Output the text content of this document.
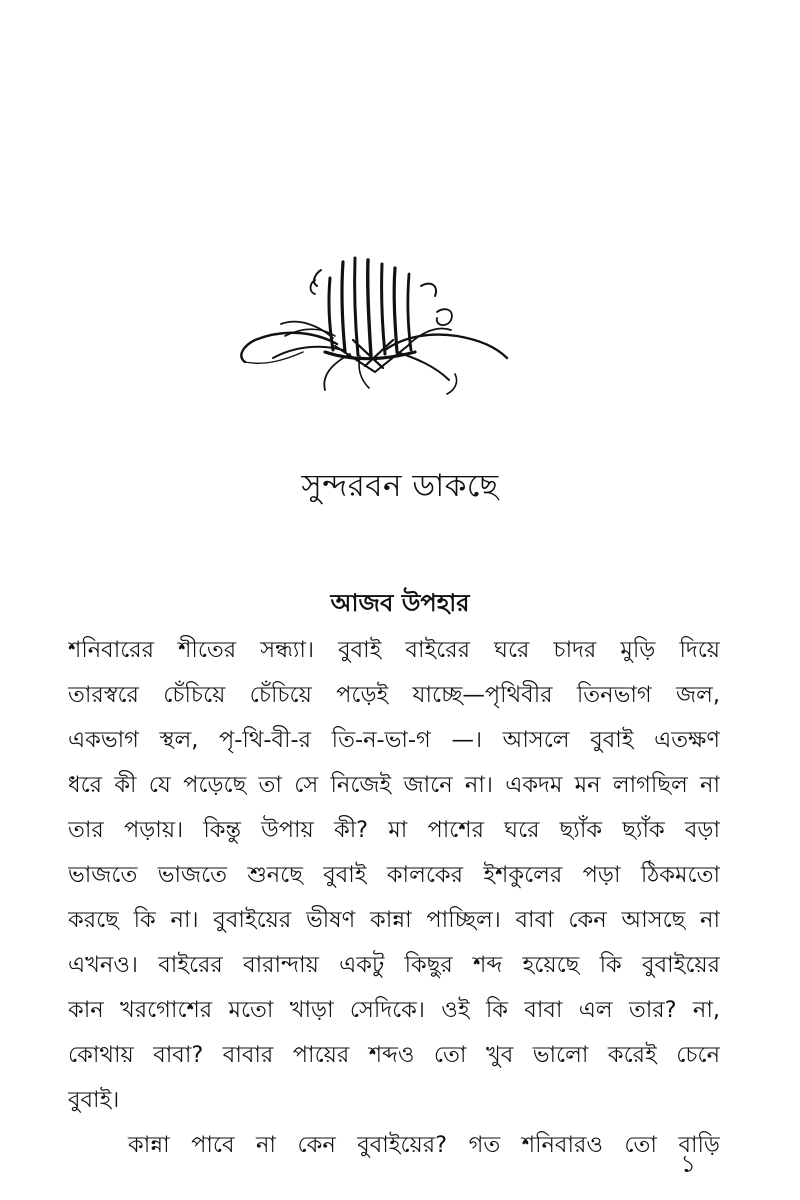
সুন্দরবন ডাকছে
আজব উপহার
শনিবারের শীতের সন্ধ্যা। বুবাই বাইরের ঘরে চাদর মুড়ি দিয়ে
তারস্বরে চেঁচিয়ে চেঁচিয়ে পড়েই যাচ্ছে—পৃথিবীর তিনভাগ জল,
একভাগ স্থল, পৃ-থি-বী-র তি-ন-ভা-গ —। আসলে বুবাই এতক্ষণ
ধরে কী যে পড়েছে তা সে নিজেই জানে না। একদম মন লাগছিল না
তার পড়ায়। কিন্তু উপায় কী? মা পাশের ঘরে ছ্যাঁক ছ্যাঁক বড়া
ভাজতে ভাজতে শুনছে বুবাই কালকের ইশকুলের পড়া ঠিকমতো
করছে কি না। বুবাইয়ের ভীষণ কান্না পাচ্ছিল। বাবা কেন আসছে না
এখনও। বাইরের বারান্দায় একটু কিছুর শব্দ হয়েছে কি বুবাইয়ের
কান খরগোশের মতো খাড়া সেদিকে। ওই কি বাবা এল তার? না,
কোথায় বাবা? বাবার পায়ের শব্দও তো খুব ভালো করেই চেনে
বুবাই।
কান্না পাবে না কেন বুবাইয়ের? গত শনিবারও তো বাড়ি
১
